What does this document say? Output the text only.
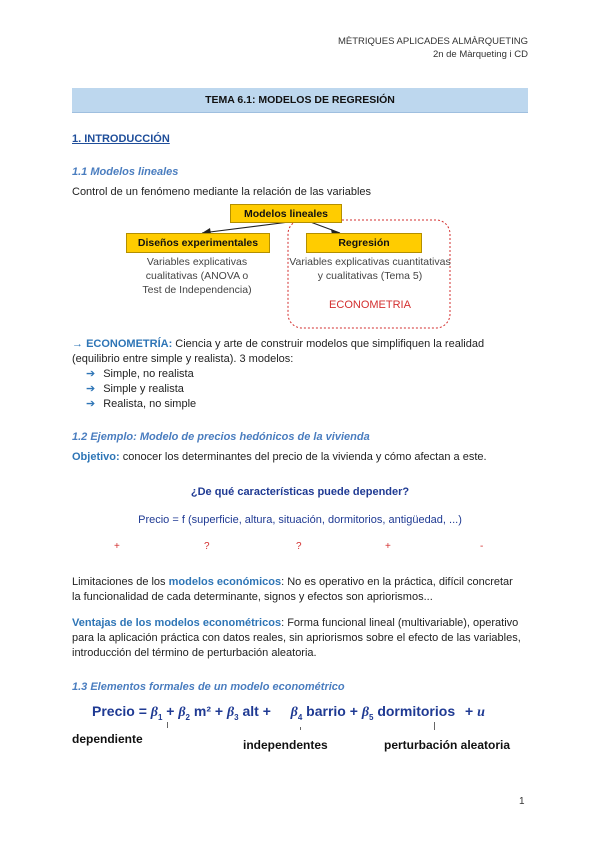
MÈTRIQUES APLICADES ALMÀRQUETING
2n de Màrqueting i CD
TEMA 6.1: MODELOS DE REGRESIÓN
1. INTRODUCCIÓN
1.1 Modelos lineales
Control de un fenómeno mediante la relación de las variables
Modelos lineales
Diseños experimentales	Regresión
Variables explicativas
cualitativas (ANOVA o
Test de Independencia)
Variables explicativas cuantitativas
y cualitativas (Tema 5)
ECONOMETRIA
→ ECONOMETRÍA: Ciencia y arte de construir modelos que simplifiquen la realidad
(equilibrio entre simple y realista). 3 modelos:
➔ Simple, no realista
➔ Simple y realista
➔ Realista, no simple
1.2 Ejemplo: Modelo de precios hedónicos de la vivienda
Objetivo: conocer los determinantes del precio de la vivienda y cómo afectan a este.
¿De qué características puede depender?
Precio = f (superficie, altura, situación, dormitorios, antigüedad, ...)
+	?	?	+	-
Limitaciones de los modelos económicos: No es operativo en la práctica, difícil concretar
la funcionalidad de cada determinante, signos y efectos son apriorismos...
Ventajas de los modelos econométricos: Forma funcional lineal (multivariable), operativo
para la aplicación práctica con datos reales, sin apriorismos sobre el efecto de las variables,
introducción del término de perturbación aleatoria.
1.3 Elementos formales de un modelo econométrico
Precio = $\beta_1 + \beta_2$ $m^2 + \beta_3$ alt + $\beta_4$ barrio + $\beta_5$ dormitorios + u
dependiente	independentes	perturbación aleatoria
1
